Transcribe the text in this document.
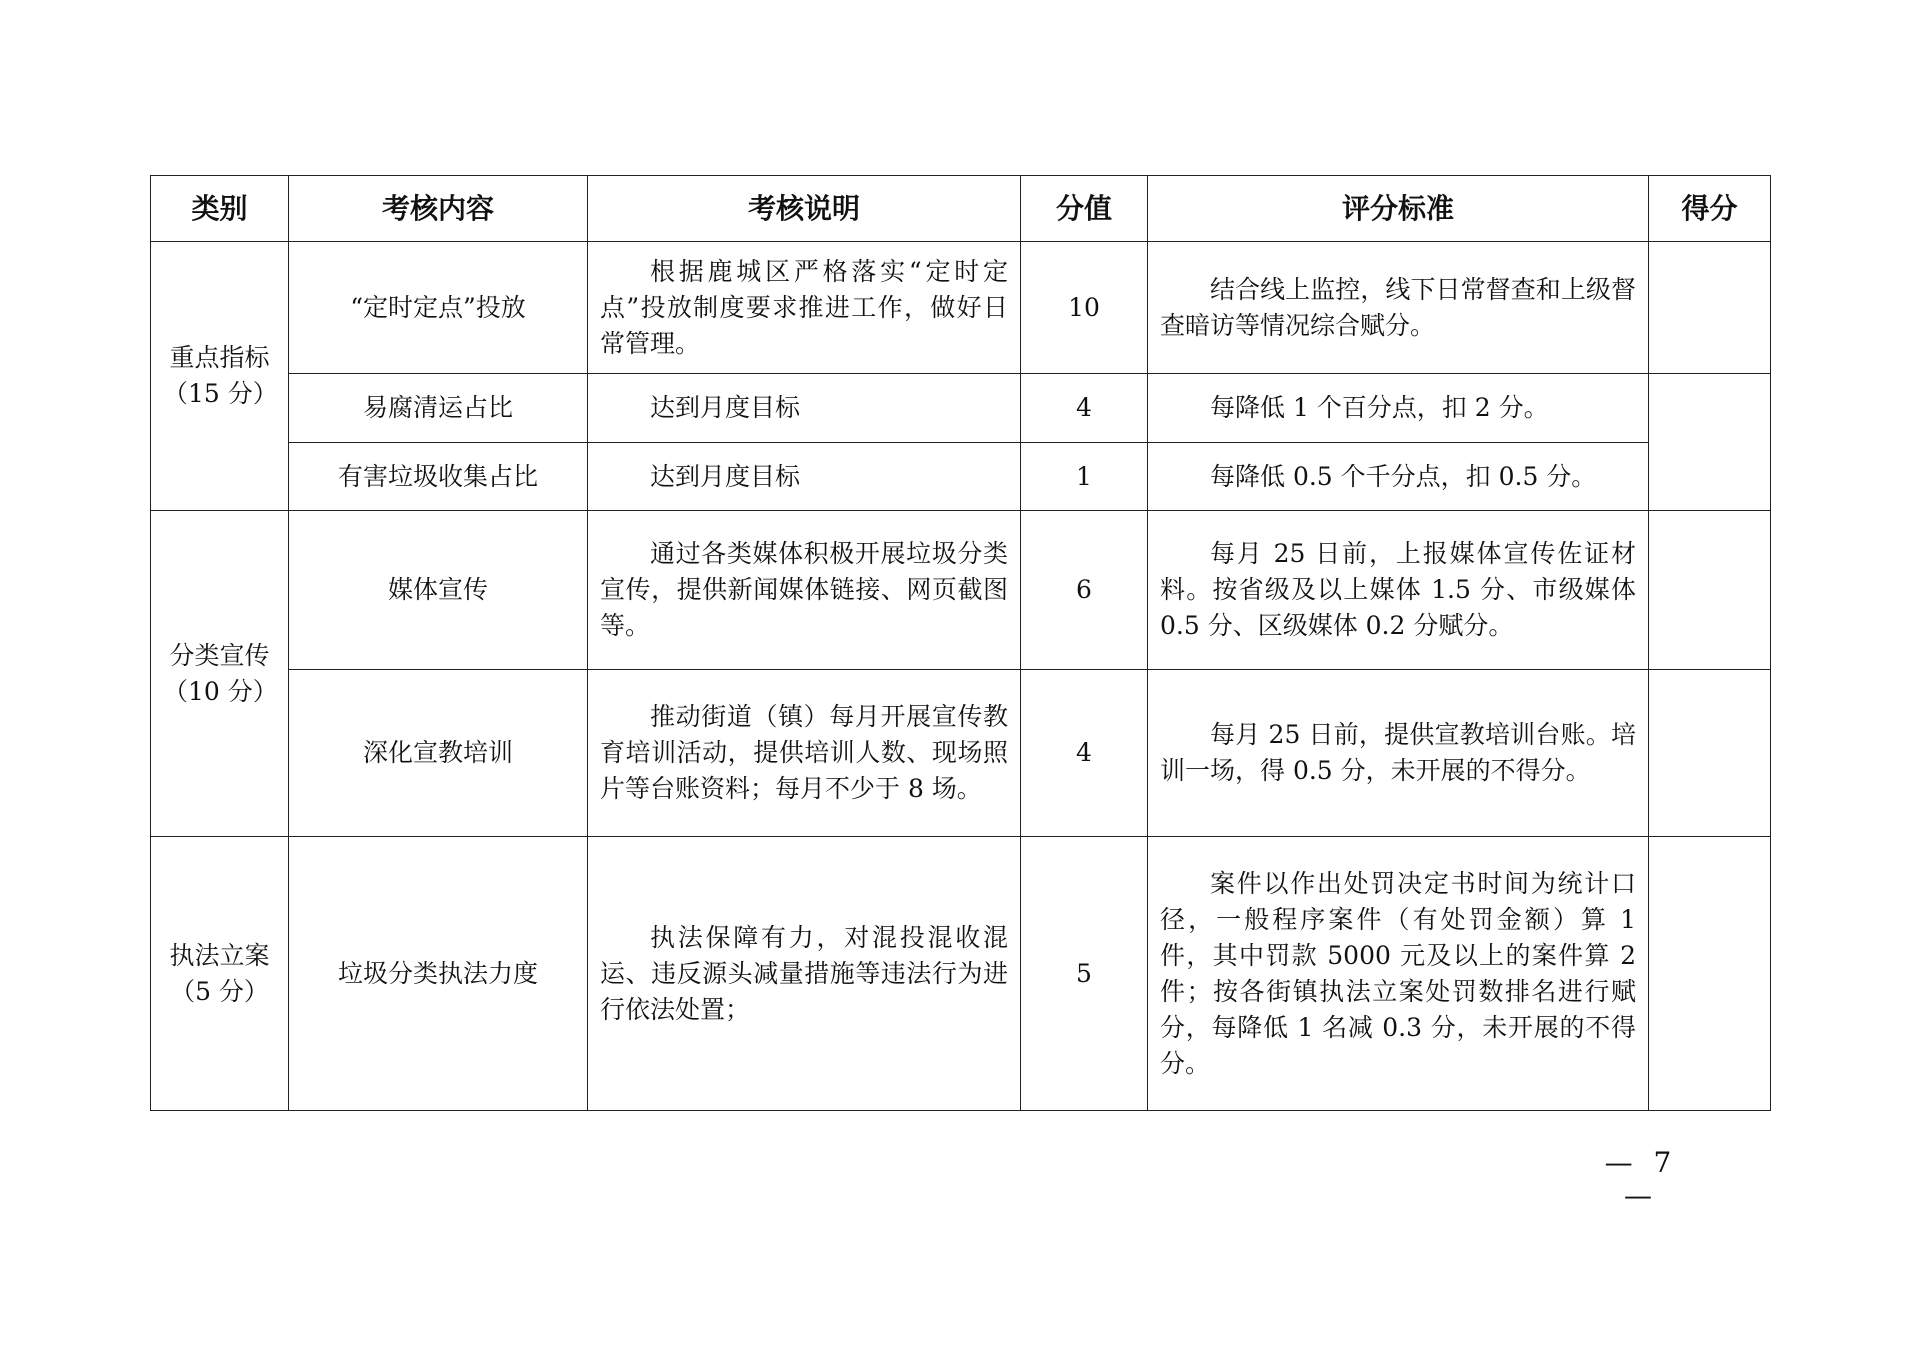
类别	考核内容	考核说明	分值	评分标准	得分

重点指标
（15 分）	“定时定点”投放	根据鹿城区严格落实“定时定点”投放制度要求推进工作，做好日常管理。	10	结合线上监控，线下日常督查和上级督查暗访等情况综合赋分。	

	易腐清运占比	达到月度目标	4	每降低 1 个百分点，扣 2 分。	

	有害垃圾收集占比	达到月度目标	1	每降低 0.5 个千分点，扣 0.5 分。	

分类宣传
（10 分）	媒体宣传	通过各类媒体积极开展垃圾分类宣传，提供新闻媒体链接、网页截图等。	6	每月 25 日前，上报媒体宣传佐证材料。按省级及以上媒体 1.5 分、市级媒体 0.5 分、区级媒体 0.2 分赋分。	

	深化宣教培训	推动街道（镇）每月开展宣传教育培训活动，提供培训人数、现场照片等台账资料；每月不少于 8 场。	4	每月 25 日前，提供宣教培训台账。培训一场，得 0.5 分，未开展的不得分。	

执法立案
（5 分）	垃圾分类执法力度	执法保障有力，对混投混收混运、违反源头减量措施等违法行为进行依法处置；	5	案件以作出处罚决定书时间为统计口径，一般程序案件（有处罚金额）算 1 件，其中罚款 5000 元及以上的案件算 2 件；按各街镇执法立案处罚数排名进行赋分，每降低 1 名减 0.3 分，未开展的不得分。	

— 7 —
